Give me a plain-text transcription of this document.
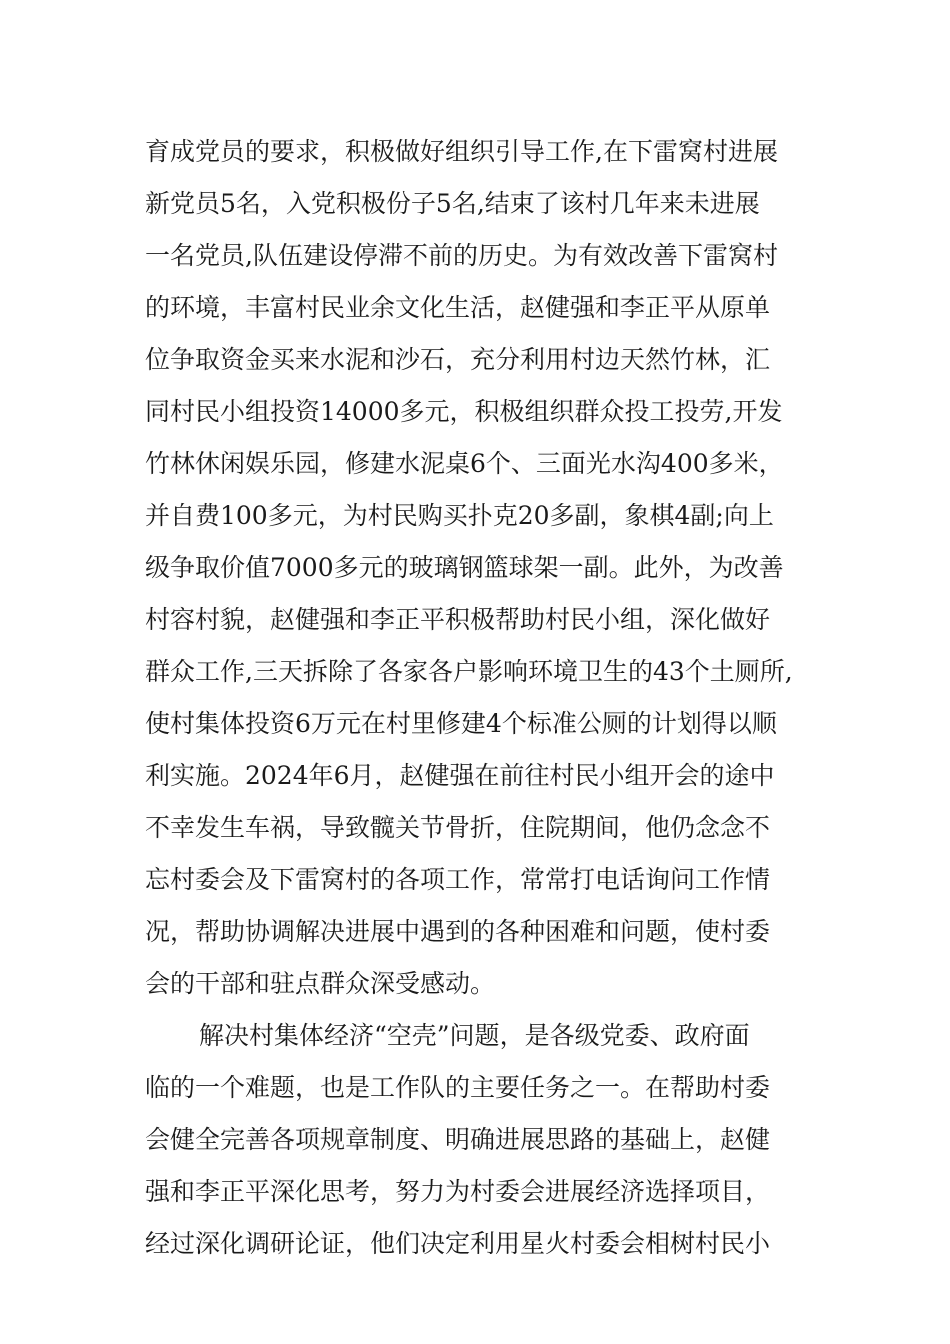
育成党员的要求，积极做好组织引导工作,在下雷窝村进展
新党员5名，入党积极份子5名,结束了该村几年来未进展
一名党员,队伍建设停滞不前的历史。为有效改善下雷窝村
的环境，丰富村民业余文化生活，赵健强和李正平从原单
位争取资金买来水泥和沙石，充分利用村边天然竹林，汇
同村民小组投资14000多元，积极组织群众投工投劳,开发
竹林休闲娱乐园，修建水泥桌6个、三面光水沟400多米，
并自费100多元，为村民购买扑克20多副，象棋4副;向上
级争取价值7000多元的玻璃钢篮球架一副。此外，为改善
村容村貌，赵健强和李正平积极帮助村民小组，深化做好
群众工作,三天拆除了各家各户影响环境卫生的43个土厕所,
使村集体投资6万元在村里修建4个标准公厕的计划得以顺
利实施。2024年6月，赵健强在前往村民小组开会的途中
不幸发生车祸，导致髋关节骨折，住院期间，他仍念念不
忘村委会及下雷窝村的各项工作，常常打电话询问工作情
况，帮助协调解决进展中遇到的各种困难和问题，使村委
会的干部和驻点群众深受感动。
解决村集体经济“空壳”问题，是各级党委、政府面
临的一个难题，也是工作队的主要任务之一。在帮助村委
会健全完善各项规章制度、明确进展思路的基础上，赵健
强和李正平深化思考，努力为村委会进展经济选择项目，
经过深化调研论证，他们决定利用星火村委会相树村民小
